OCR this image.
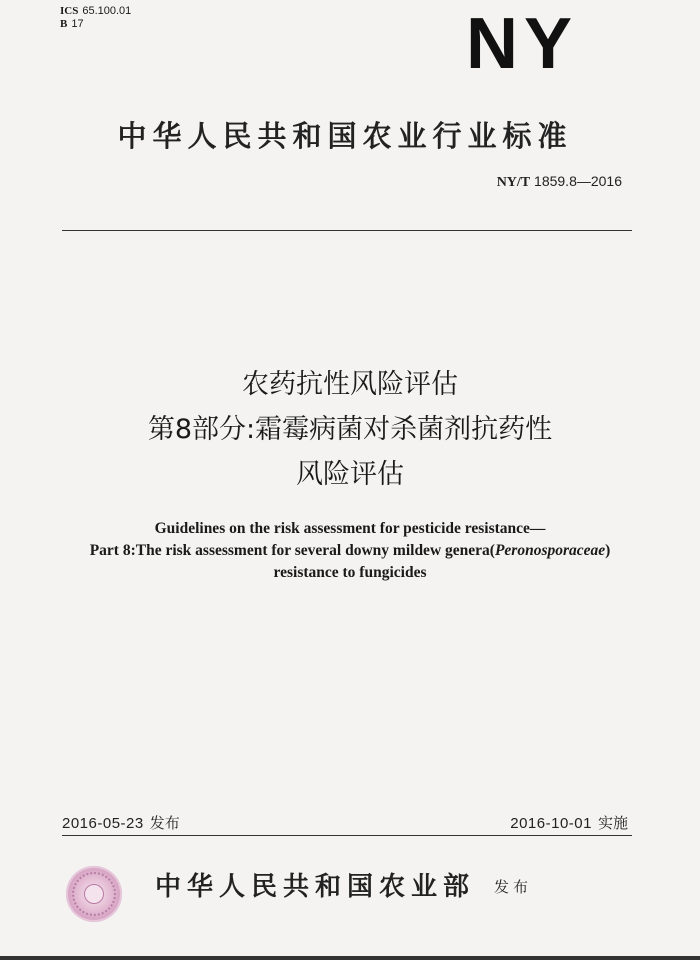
ICS 65.100.01
B 17	NY
中华人民共和国农业行业标准
NY/T 1859.8—2016
农药抗性风险评估
第8部分:霜霉病菌对杀菌剂抗药性
风险评估
Guidelines on the risk assessment for pesticide resistance—
Part 8:The risk assessment for several downy mildew genera(Peronosporaceae)
resistance to fungicides
2016-05-23 发布	2016-10-01 实施
中华人民共和国农业部 发布
